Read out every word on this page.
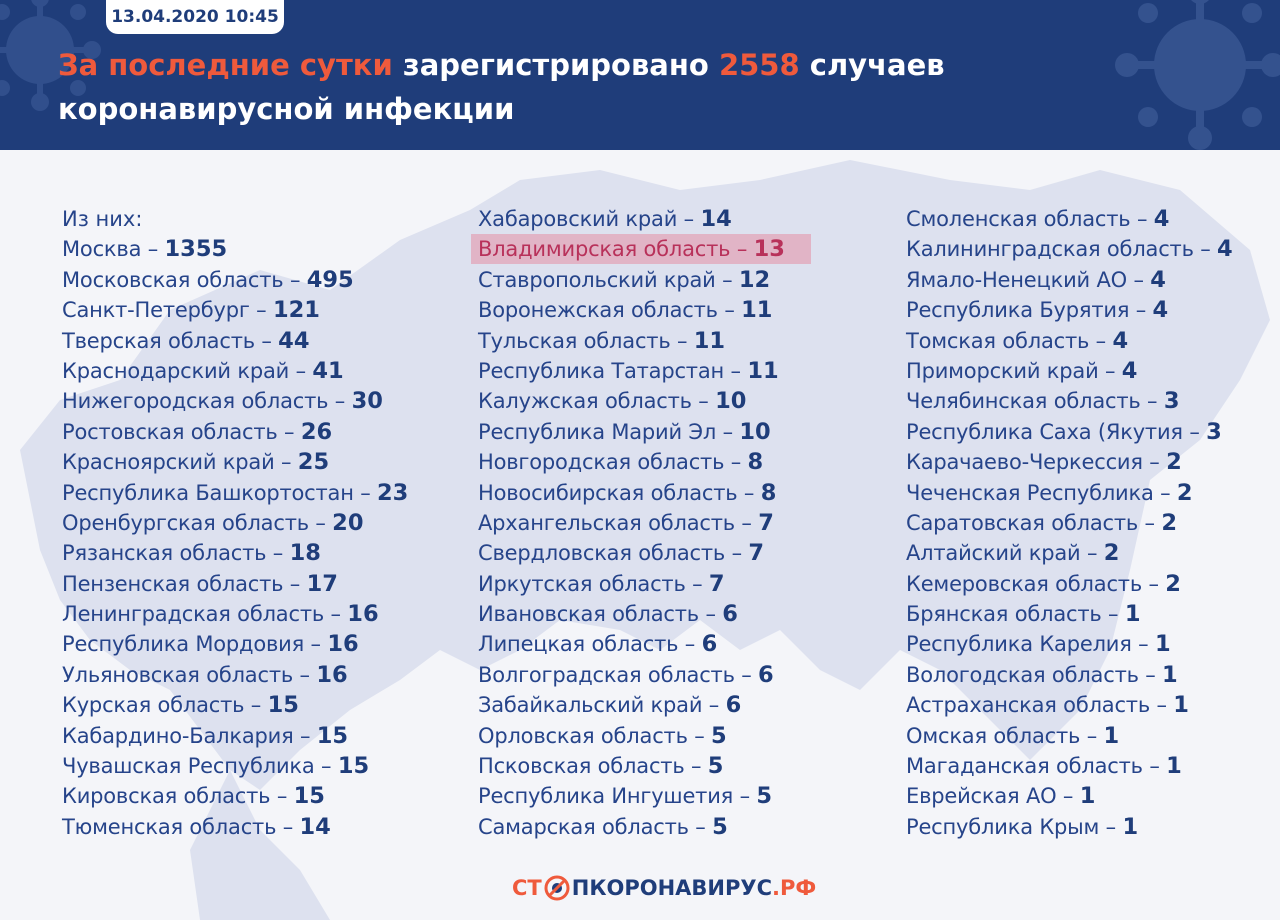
13.04.2020 10:45
За последние сутки зарегистрировано 2558 случаев
коронавирусной инфекции
Из них:
Москва – 1355
Московская область – 495
Санкт-Петербург – 121
Тверская область – 44
Краснодарский край – 41
Нижегородская область – 30
Ростовская область – 26
Красноярский край – 25
Республика Башкортостан – 23
Оренбургская область – 20
Рязанская область – 18
Пензенская область – 17
Ленинградская область – 16
Республика Мордовия – 16
Ульяновская область – 16
Курская область – 15
Кабардино-Балкария – 15
Чувашская Республика – 15
Кировская область – 15
Тюменская область – 14
Хабаровский край – 14
Владимирская область – 13
Ставропольский край – 12
Воронежская область – 11
Тульская область – 11
Республика Татарстан – 11
Калужская область – 10
Республика Марий Эл – 10
Новгородская область – 8
Новосибирская область – 8
Архангельская область – 7
Свердловская область – 7
Иркутская область – 7
Ивановская область – 6
Липецкая область – 6
Волгоградская область – 6
Забайкальский край – 6
Орловская область – 5
Псковская область – 5
Республика Ингушетия – 5
Самарская область – 5
Смоленская область – 4
Калининградская область – 4
Ямало-Ненецкий АО – 4
Республика Бурятия – 4
Томская область – 4
Приморский край – 4
Челябинская область – 3
Республика Саха (Якутия – 3
Карачаево-Черкессия – 2
Чеченская Республика – 2
Саратовская область – 2
Алтайский край – 2
Кемеровская область – 2
Брянская область – 1
Республика Карелия – 1
Вологодская область – 1
Астраханская область – 1
Омская область – 1
Магаданская область – 1
Еврейская АО – 1
Республика Крым – 1
СТ ПКОРОНАВИРУС .РФ
